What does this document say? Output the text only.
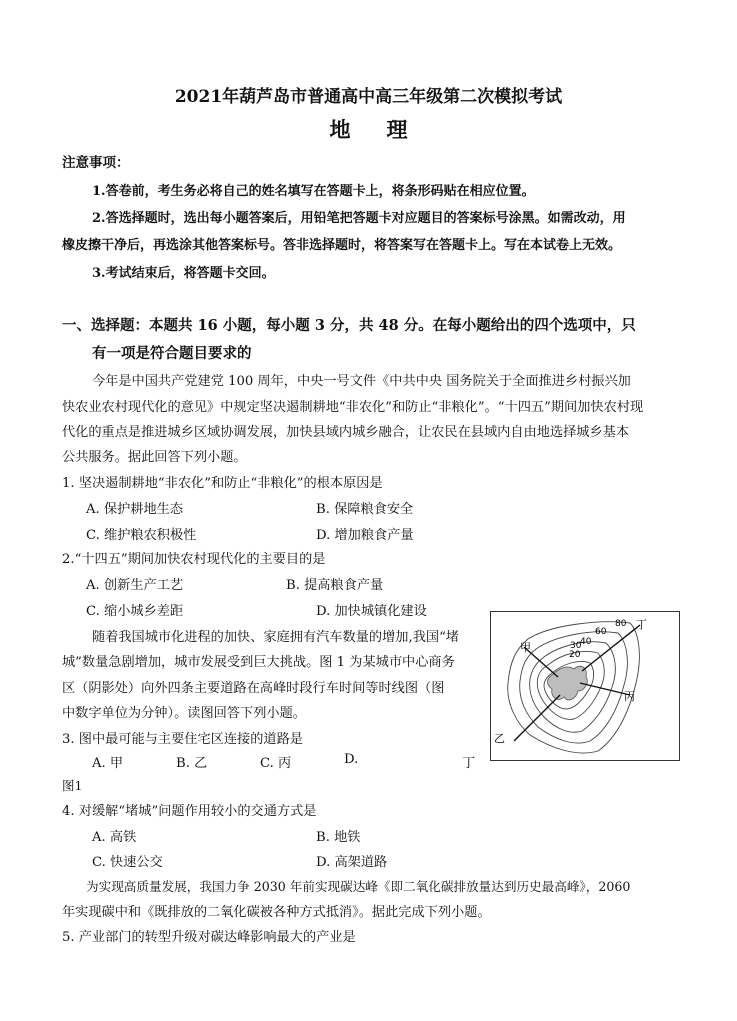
2021年葫芦岛市普通高中高三年级第二次模拟考试
地理
注意事项：
1.答卷前，考生务必将自己的姓名填写在答题卡上，将条形码贴在相应位置。
2.答选择题时，选出每小题答案后，用铅笔把答题卡对应题目的答案标号涂黑。如需改动，用
橡皮擦干净后，再选涂其他答案标号。答非选择题时，将答案写在答题卡上。写在本试卷上无效。
3.考试结束后，将答题卡交回。
一、选择题：本题共 16 小题，每小题 3 分，共 48 分。在每小题给出的四个选项中，只
有一项是符合题目要求的
今年是中国共产党建党 100 周年，中央一号文件《中共中央 国务院关于全面推进乡村振兴加
快农业农村现代化的意见》中规定坚决遏制耕地“非农化”和防止“非粮化”。“十四五”期间加快农村现
代化的重点是推进城乡区域协调发展，加快县域内城乡融合，让农民在县域内自由地选择城乡基本
公共服务。据此回答下列小题。
1. 坚决遏制耕地“非农化”和防止“非粮化”的根本原因是
A. 保护耕地生态	B. 保障粮食安全
C. 维护粮农积极性	D. 增加粮食产量
2.“十四五”期间加快农村现代化的主要目的是
A. 创新生产工艺	B. 提高粮食产量
C. 缩小城乡差距	D. 加快城镇化建设
随着我国城市化进程的加快、家庭拥有汽车数量的增加,我国“堵
城”数量急剧增加，城市发展受到巨大挑战。图 1 为某城市中心商务
区（阴影处）向外四条主要道路在高峰时段行车时间等时线图（图
中数字单位为分钟）。读图回答下列小题。
3. 图中最可能与主要住宅区连接的道路是
A. 甲	B. 乙	C. 丙	D.	丁
图1
甲
乙
丙
丁
20
30
40
60
80
4. 对缓解“堵城”问题作用较小的交通方式是
A. 高铁	B. 地铁
C. 快速公交	D. 高架道路
为实现高质量发展，我国力争 2030 年前实现碳达峰《即二氧化碳排放量达到历史最高峰》，2060
年实现碳中和《既排放的二氧化碳被各种方式抵消》。据此完成下列小题。
5. 产业部门的转型升级对碳达峰影响最大的产业是
